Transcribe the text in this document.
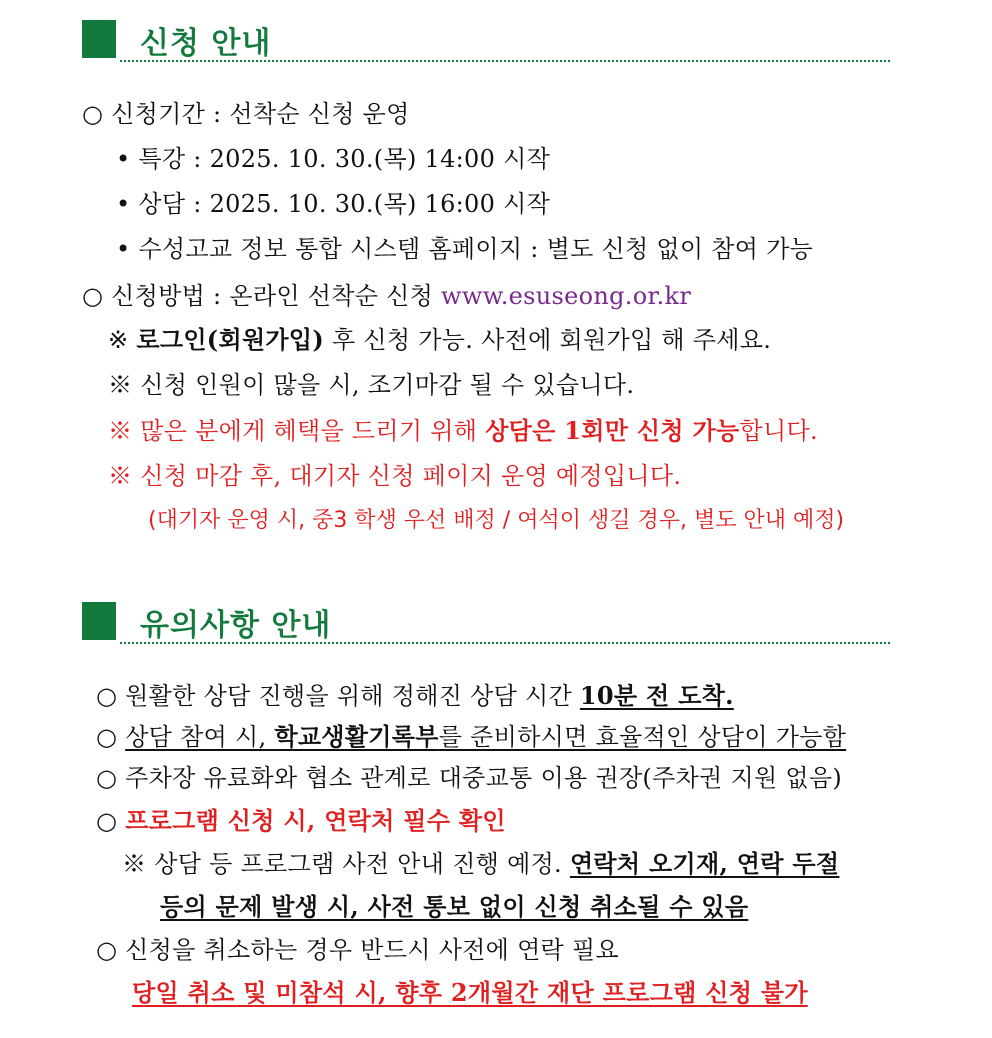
신청 안내
○ 신청기간 : 선착순 신청 운영
• 특강 : 2025. 10. 30.(목) 14:00 시작
• 상담 : 2025. 10. 30.(목) 16:00 시작
• 수성고교 정보 통합 시스템 홈페이지 : 별도 신청 없이 참여 가능
○ 신청방법 : 온라인 선착순 신청 www.esuseong.or.kr
※ 로그인(회원가입) 후 신청 가능. 사전에 회원가입 해 주세요.
※ 신청 인원이 많을 시, 조기마감 될 수 있습니다.
※ 많은 분에게 혜택을 드리기 위해 상담은 1회만 신청 가능합니다.
※ 신청 마감 후, 대기자 신청 페이지 운영 예정입니다.
(대기자 운영 시, 중3 학생 우선 배정 / 여석이 생길 경우, 별도 안내 예정)
유의사항 안내
○ 원활한 상담 진행을 위해 정해진 상담 시간 10분 전 도착.
○ 상담 참여 시, 학교생활기록부를 준비하시면 효율적인 상담이 가능함
○ 주차장 유료화와 협소 관계로 대중교통 이용 권장(주차권 지원 없음)
○ 프로그램 신청 시, 연락처 필수 확인
※ 상담 등 프로그램 사전 안내 진행 예정. 연락처 오기재, 연락 두절
등의 문제 발생 시, 사전 통보 없이 신청 취소될 수 있음
○ 신청을 취소하는 경우 반드시 사전에 연락 필요
당일 취소 및 미참석 시, 향후 2개월간 재단 프로그램 신청 불가
